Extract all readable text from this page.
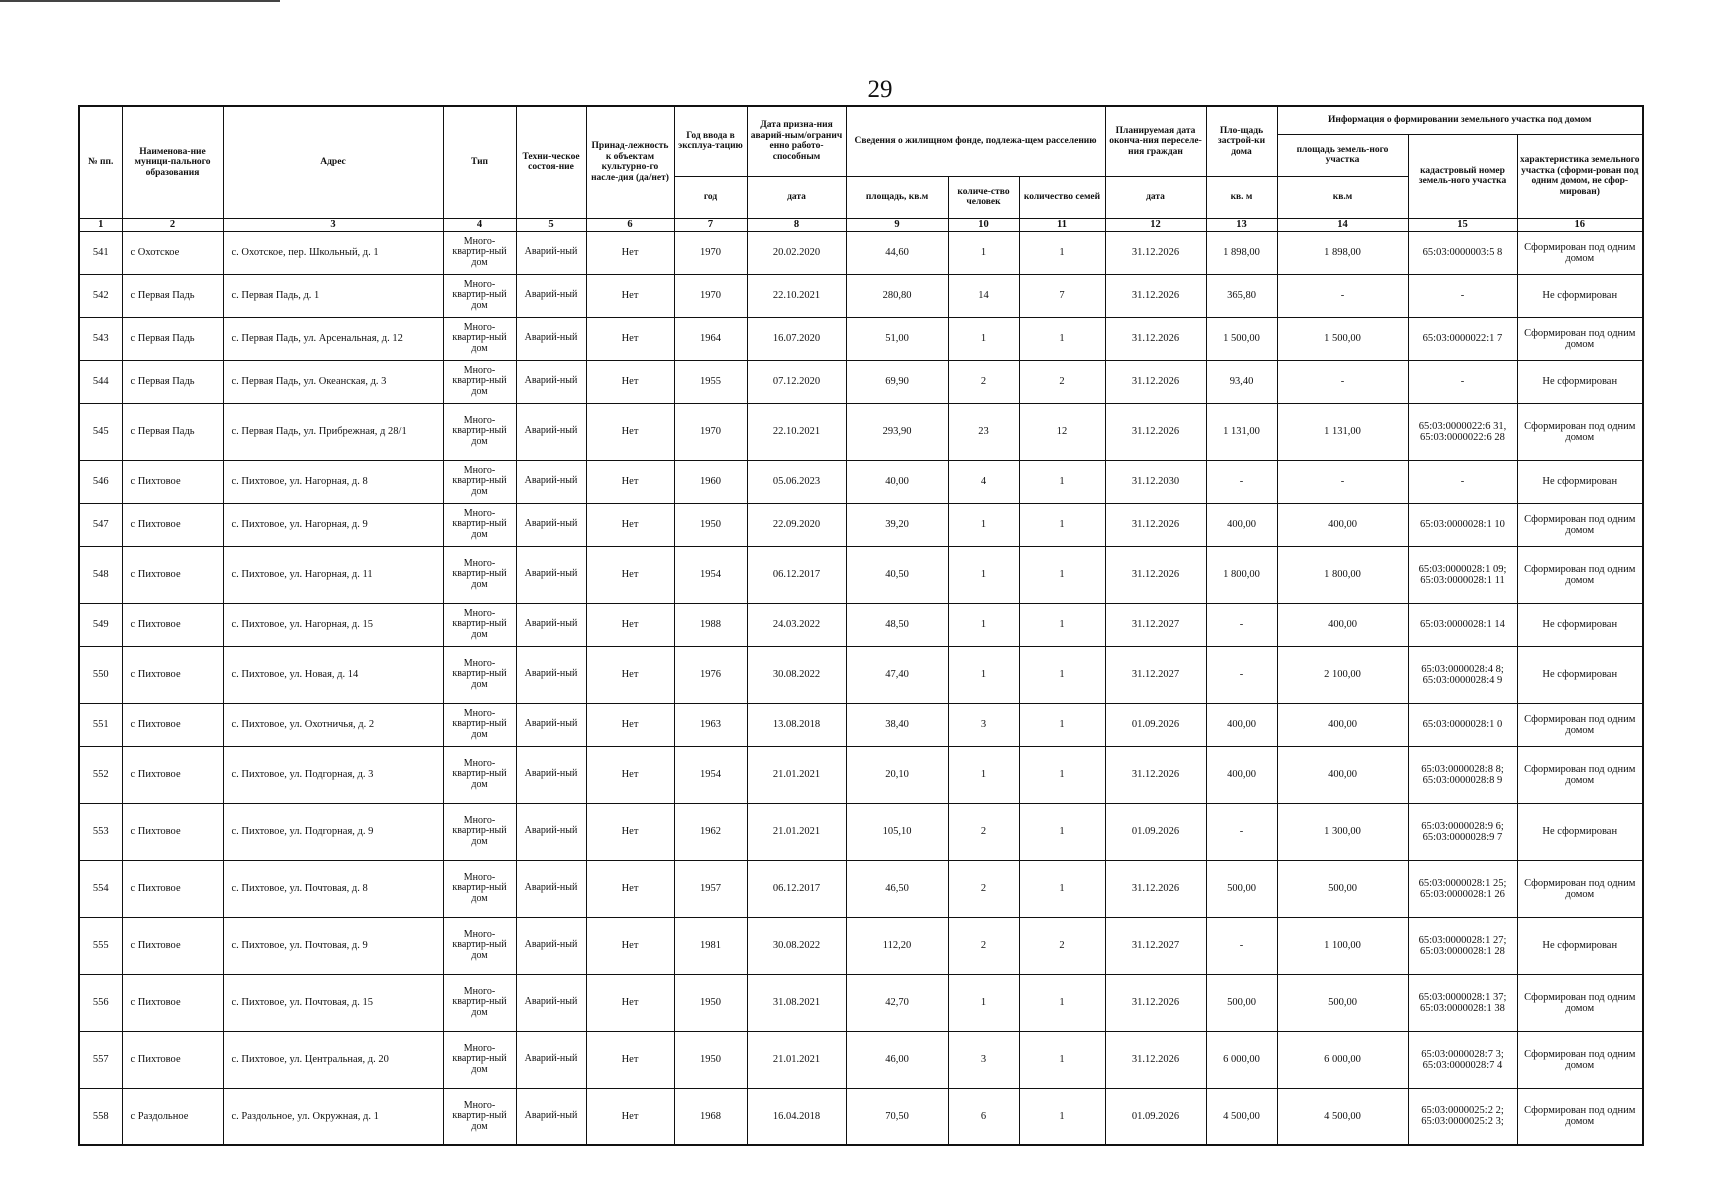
29
№ пп.	Наименова-ние муници-пального образования	Адрес	Тип	Техни-ческое состоя-ние	Принад-лежность к объектам культурно-го насле-дия (да/нет)	Год ввода в эксплуа-тацию	Дата призна-ния аварий-ным/огранич енно работо-способным	Сведения о жилищном фонде, подлежа-щем расселению			Планируемая дата оконча-ния переселе-ния граждан	Пло-щадь застрой-ки дома	Информация о формировании земельного участка под домом		
													площадь земель-ного участка	кадастровый номер земель-ного участка	характеристика земельного участка (сформи-рован под одним домом, не сфор-мирован)
						год	дата	площадь, кв.м	количе-ство человек	количество семей	дата	кв. м	кв.м		
1	2	3	4	5	6	7	8	9	10	11	12	13	14	15	16
541	с Охотское	с. Охотское, пер. Школьный, д. 1	Много-квартир-ный дом	Аварий-ный	Нет	1970	20.02.2020	44,60	1	1	31.12.2026	1 898,00	1 898,00	65:03:0000003:5 8	Сформирован под одним домом
542	с Первая Падь	с. Первая Падь, д. 1	Много-квартир-ный дом	Аварий-ный	Нет	1970	22.10.2021	280,80	14	7	31.12.2026	365,80	-	-	Не сформирован
543	с Первая Падь	с. Первая Падь, ул. Арсенальная, д. 12	Много-квартир-ный дом	Аварий-ный	Нет	1964	16.07.2020	51,00	1	1	31.12.2026	1 500,00	1 500,00	65:03:0000022:1 7	Сформирован под одним домом
544	с Первая Падь	с. Первая Падь, ул. Океанская, д. 3	Много-квартир-ный дом	Аварий-ный	Нет	1955	07.12.2020	69,90	2	2	31.12.2026	93,40	-	-	Не сформирован
545	с Первая Падь	с. Первая Падь, ул. Прибрежная, д 28/1	Много-квартир-ный дом	Аварий-ный	Нет	1970	22.10.2021	293,90	23	12	31.12.2026	1 131,00	1 131,00	65:03:0000022:6 31, 65:03:0000022:6 28	Сформирован под одним домом
546	с Пихтовое	с. Пихтовое, ул. Нагорная, д. 8	Много-квартир-ный дом	Аварий-ный	Нет	1960	05.06.2023	40,00	4	1	31.12.2030	-	-	-	Не сформирован
547	с Пихтовое	с. Пихтовое, ул. Нагорная, д. 9	Много-квартир-ный дом	Аварий-ный	Нет	1950	22.09.2020	39,20	1	1	31.12.2026	400,00	400,00	65:03:0000028:1 10	Сформирован под одним домом
548	с Пихтовое	с. Пихтовое, ул. Нагорная, д. 11	Много-квартир-ный дом	Аварий-ный	Нет	1954	06.12.2017	40,50	1	1	31.12.2026	1 800,00	1 800,00	65:03:0000028:1 09; 65:03:0000028:1 11	Сформирован под одним домом
549	с Пихтовое	с. Пихтовое, ул. Нагорная, д. 15	Много-квартир-ный дом	Аварий-ный	Нет	1988	24.03.2022	48,50	1	1	31.12.2027	-	400,00	65:03:0000028:1 14	Не сформирован
550	с Пихтовое	с. Пихтовое, ул. Новая, д. 14	Много-квартир-ный дом	Аварий-ный	Нет	1976	30.08.2022	47,40	1	1	31.12.2027	-	2 100,00	65:03:0000028:4 8; 65:03:0000028:4 9	Не сформирован
551	с Пихтовое	с. Пихтовое, ул. Охотничья, д. 2	Много-квартир-ный дом	Аварий-ный	Нет	1963	13.08.2018	38,40	3	1	01.09.2026	400,00	400,00	65:03:0000028:1 0	Сформирован под одним домом
552	с Пихтовое	с. Пихтовое, ул. Подгорная, д. 3	Много-квартир-ный дом	Аварий-ный	Нет	1954	21.01.2021	20,10	1	1	31.12.2026	400,00	400,00	65:03:0000028:8 8; 65:03:0000028:8 9	Сформирован под одним домом
553	с Пихтовое	с. Пихтовое, ул. Подгорная, д. 9	Много-квартир-ный дом	Аварий-ный	Нет	1962	21.01.2021	105,10	2	1	01.09.2026	-	1 300,00	65:03:0000028:9 6; 65:03:0000028:9 7	Не сформирован
554	с Пихтовое	с. Пихтовое, ул. Почтовая, д. 8	Много-квартир-ный дом	Аварий-ный	Нет	1957	06.12.2017	46,50	2	1	31.12.2026	500,00	500,00	65:03:0000028:1 25; 65:03:0000028:1 26	Сформирован под одним домом
555	с Пихтовое	с. Пихтовое, ул. Почтовая, д. 9	Много-квартир-ный дом	Аварий-ный	Нет	1981	30.08.2022	112,20	2	2	31.12.2027	-	1 100,00	65:03:0000028:1 27; 65:03:0000028:1 28	Не сформирован
556	с Пихтовое	с. Пихтовое, ул. Почтовая, д. 15	Много-квартир-ный дом	Аварий-ный	Нет	1950	31.08.2021	42,70	1	1	31.12.2026	500,00	500,00	65:03:0000028:1 37; 65:03:0000028:1 38	Сформирован под одним домом
557	с Пихтовое	с. Пихтовое, ул. Центральная, д. 20	Много-квартир-ный дом	Аварий-ный	Нет	1950	21.01.2021	46,00	3	1	31.12.2026	6 000,00	6 000,00	65:03:0000028:7 3; 65:03:0000028:7 4	Сформирован под одним домом
558	с Раздольное	с. Раздольное, ул. Окружная, д. 1	Много-квартир-ный дом	Аварий-ный	Нет	1968	16.04.2018	70,50	6	1	01.09.2026	4 500,00	4 500,00	65:03:0000025:2 2; 65:03:0000025:2 3;	Сформирован под одним домом
